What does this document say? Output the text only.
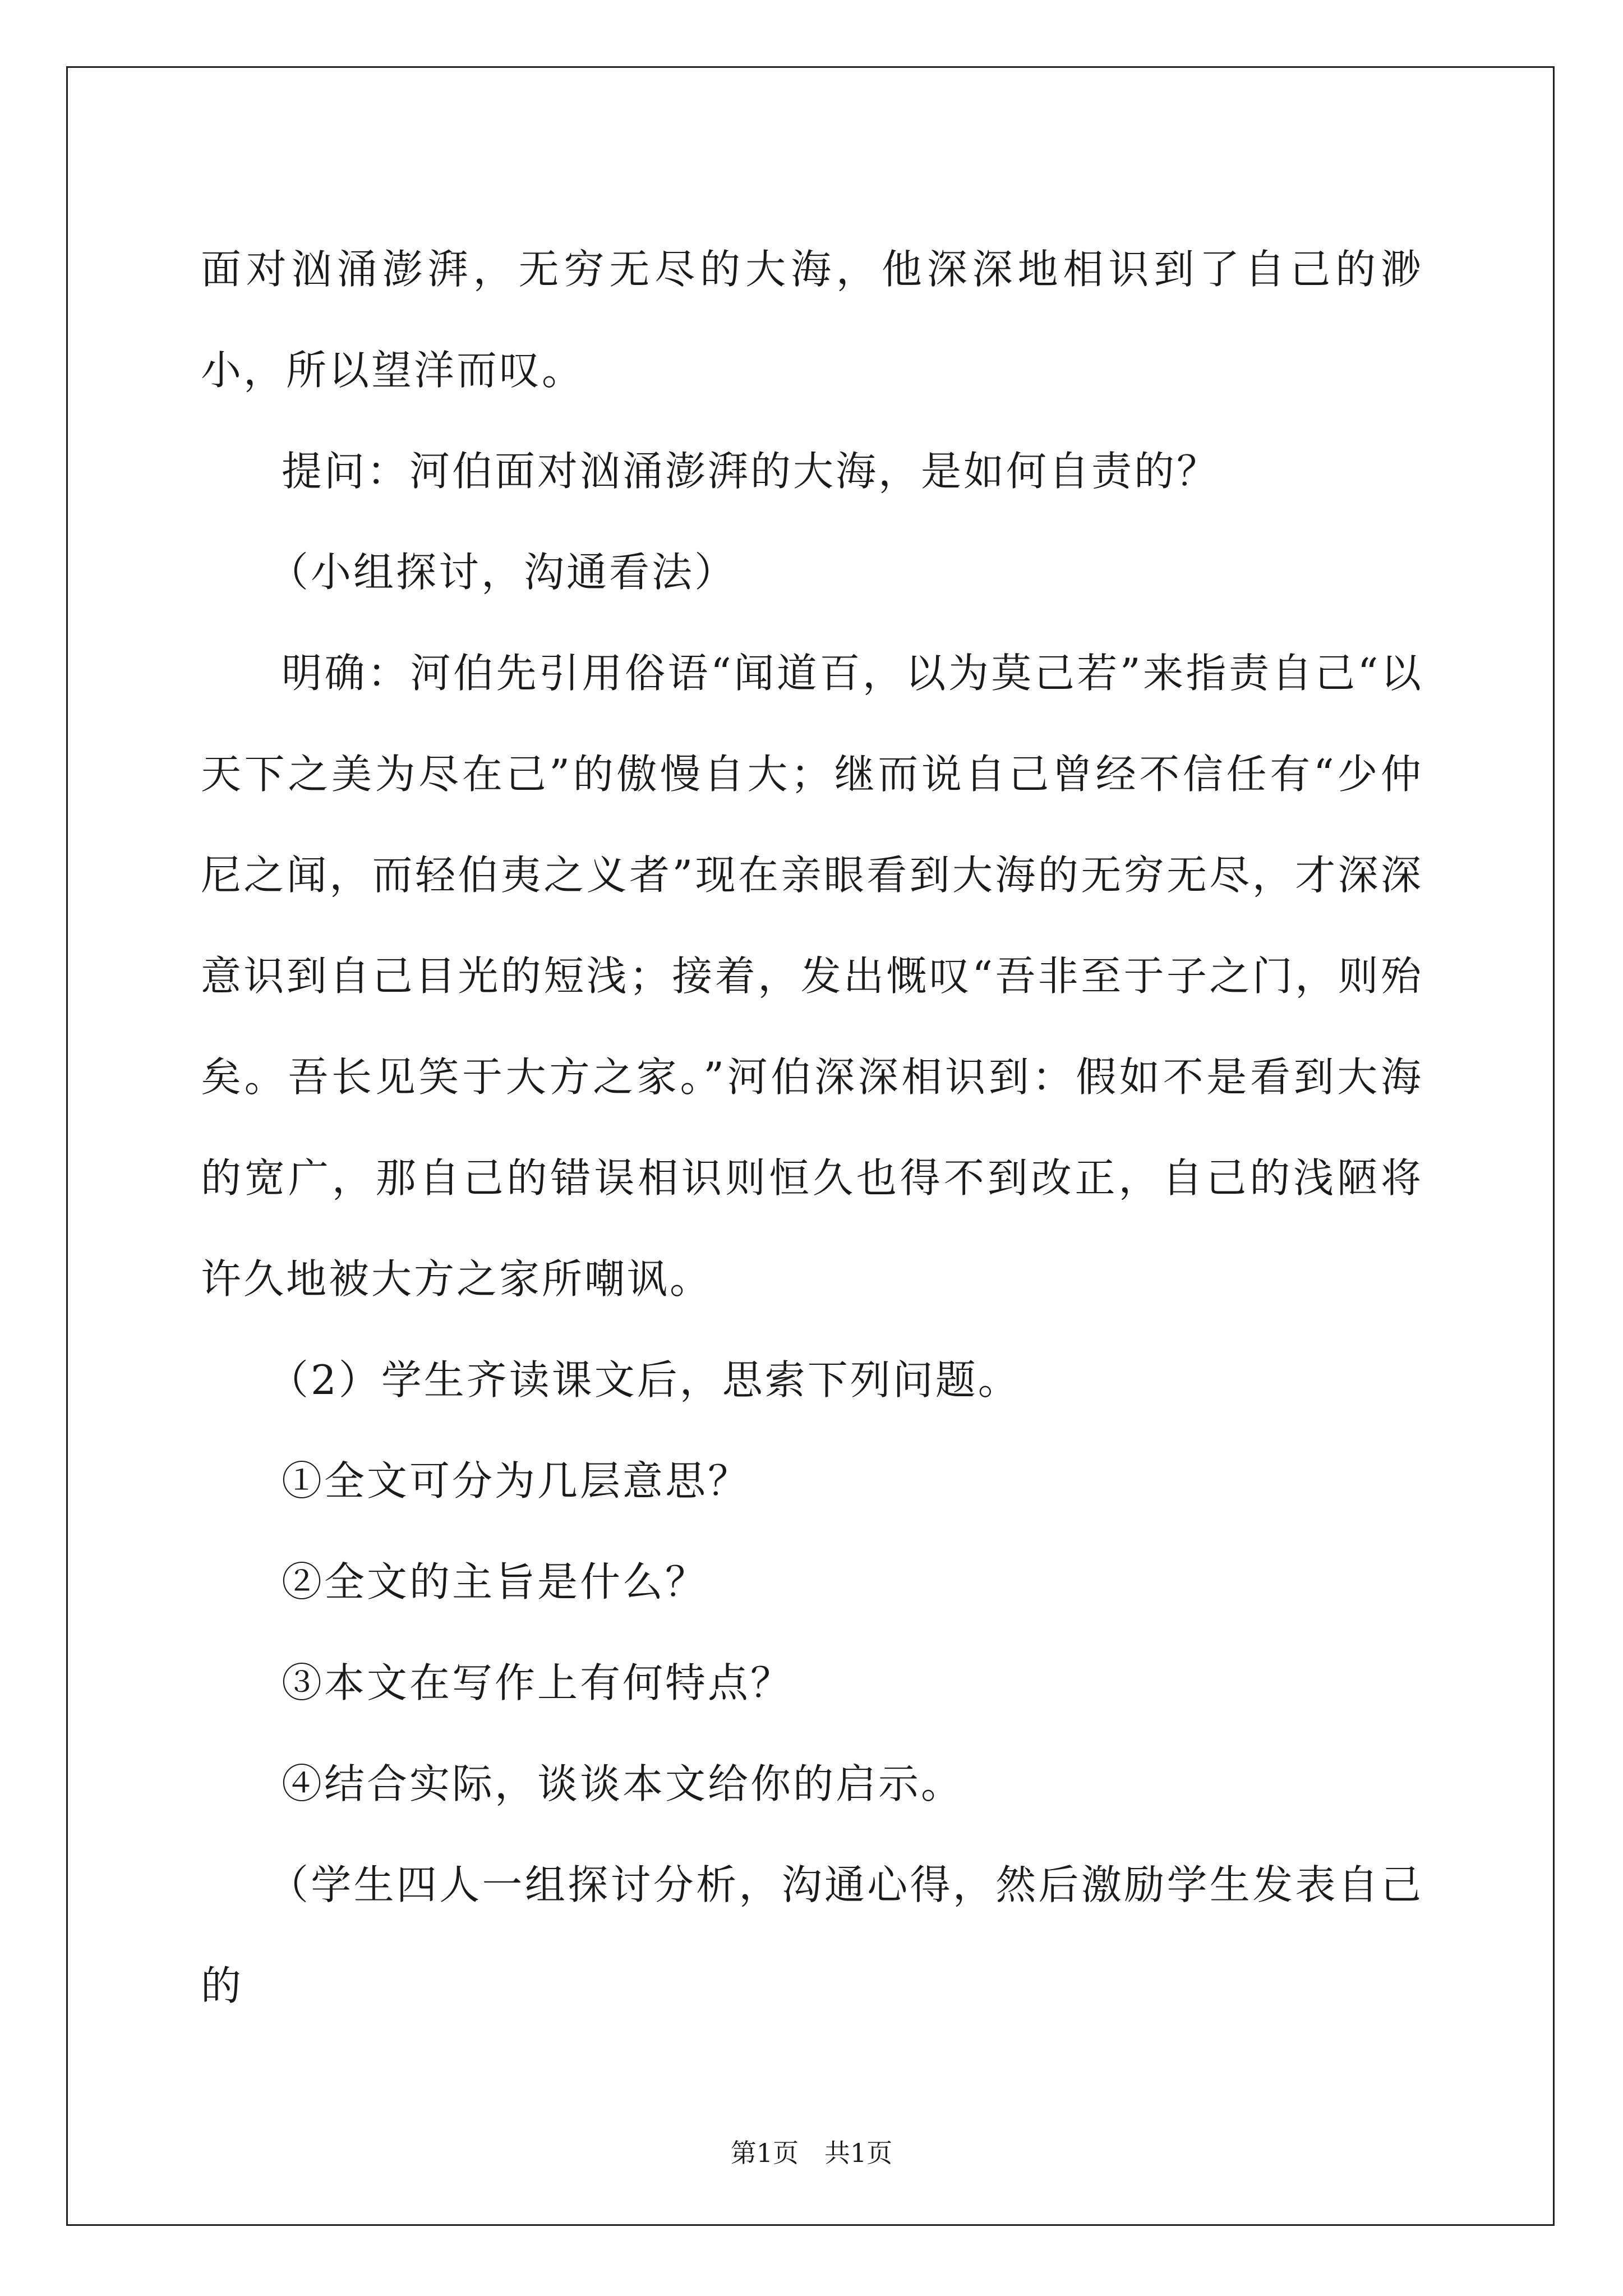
面对汹涌澎湃，无穷无尽的大海，他深深地相识到了自己的渺小，所以望洋而叹。

提问：河伯面对汹涌澎湃的大海，是如何自责的？

（小组探讨，沟通看法）

明确：河伯先引用俗语“闻道百，以为莫己若”来指责自己“以天下之美为尽在己”的傲慢自大；继而说自己曾经不信任有“少仲尼之闻，而轻伯夷之义者”现在亲眼看到大海的无穷无尽，才深深意识到自己目光的短浅；接着，发出慨叹“吾非至于子之门，则殆矣。吾长见笑于大方之家。”河伯深深相识到：假如不是看到大海的宽广，那自己的错误相识则恒久也得不到改正，自己的浅陋将许久地被大方之家所嘲讽。

（2）学生齐读课文后，思索下列问题。

①全文可分为几层意思？

②全文的主旨是什么？

③本文在写作上有何特点？

④结合实际，谈谈本文给你的启示。

（学生四人一组探讨分析，沟通心得，然后激励学生发表自己的

第1页　共1页
